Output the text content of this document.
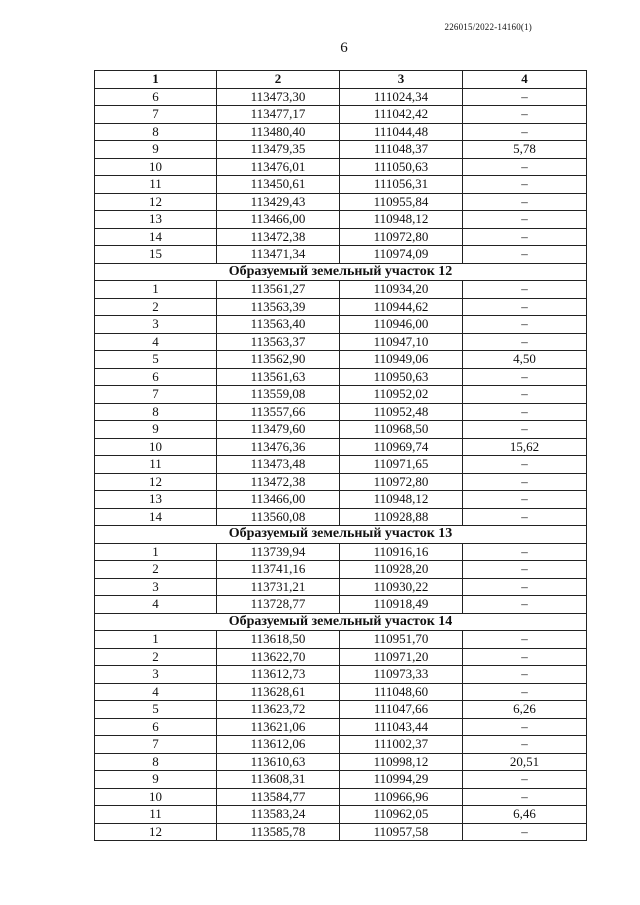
226015/2022-14160(1)
6
1	2	3	4
6	113473,30	111024,34	–
7	113477,17	111042,42	–
8	113480,40	111044,48	–
9	113479,35	111048,37	5,78
10	113476,01	111050,63	–
11	113450,61	111056,31	–
12	113429,43	110955,84	–
13	113466,00	110948,12	–
14	113472,38	110972,80	–
15	113471,34	110974,09	–
Образуемый земельный участок 12			
1	113561,27	110934,20	–
2	113563,39	110944,62	–
3	113563,40	110946,00	–
4	113563,37	110947,10	–
5	113562,90	110949,06	4,50
6	113561,63	110950,63	–
7	113559,08	110952,02	–
8	113557,66	110952,48	–
9	113479,60	110968,50	–
10	113476,36	110969,74	15,62
11	113473,48	110971,65	–
12	113472,38	110972,80	–
13	113466,00	110948,12	–
14	113560,08	110928,88	–
Образуемый земельный участок 13			
1	113739,94	110916,16	–
2	113741,16	110928,20	–
3	113731,21	110930,22	–
4	113728,77	110918,49	–
Образуемый земельный участок 14			
1	113618,50	110951,70	–
2	113622,70	110971,20	–
3	113612,73	110973,33	–
4	113628,61	111048,60	–
5	113623,72	111047,66	6,26
6	113621,06	111043,44	–
7	113612,06	111002,37	–
8	113610,63	110998,12	20,51
9	113608,31	110994,29	–
10	113584,77	110966,96	–
11	113583,24	110962,05	6,46
12	113585,78	110957,58	–
